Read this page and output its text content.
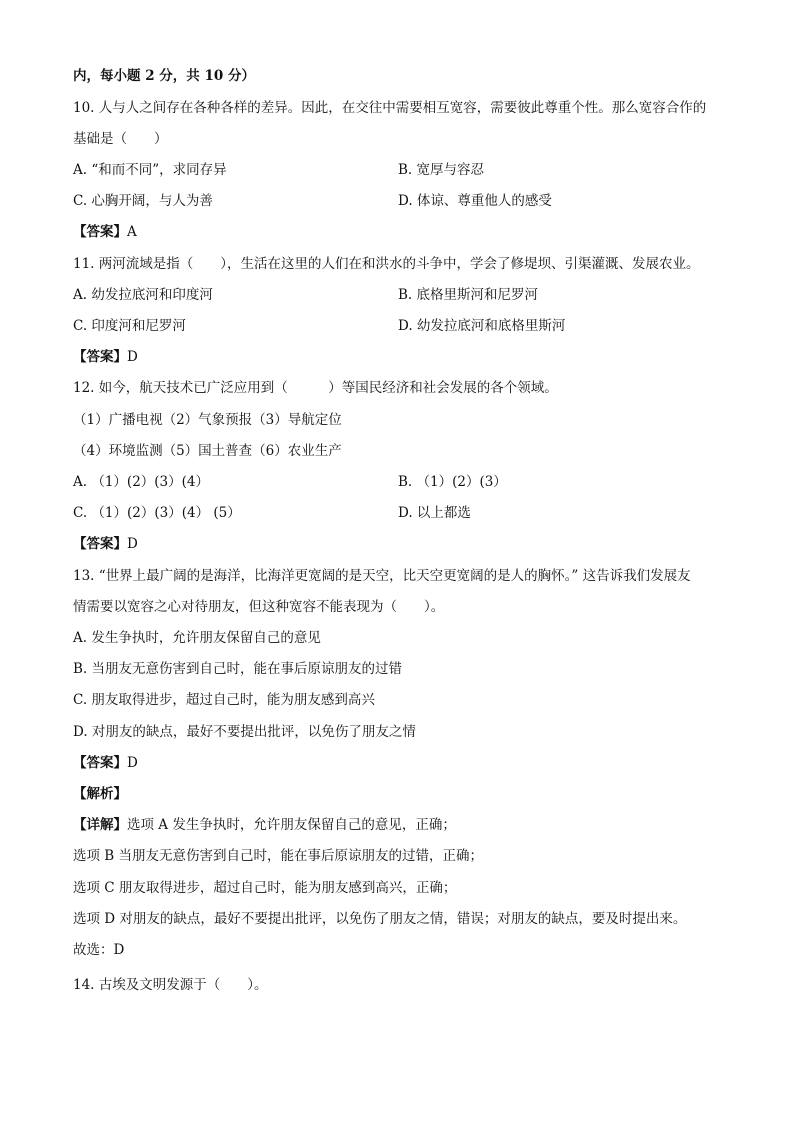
内，每小题 2 分，共 10 分）
10. 人与人之间存在各种各样的差异。因此，在交往中需要相互宽容，需要彼此尊重个性。那么宽容合作的
基础是（　　）
A. “和而不同”，求同存异	B. 宽厚与容忍
C. 心胸开阔，与人为善	D. 体谅、尊重他人的感受
【答案】A
11. 两河流域是指（　　），生活在这里的人们在和洪水的斗争中，学会了修堤坝、引渠灌溉、发展农业。
A. 幼发拉底河和印度河	B. 底格里斯河和尼罗河
C. 印度河和尼罗河	D. 幼发拉底河和底格里斯河
【答案】D
12. 如今，航天技术已广泛应用到（　　　）等国民经济和社会发展的各个领域。
（1）广播电视（2）气象预报（3）导航定位
（4）环境监测（5）国土普查（6）农业生产
A. （1）(2）(3）(4）	B. （1）(2）(3）
C. （1）(2）(3）(4） (5）	D. 以上都选
【答案】D
13. “世界上最广阔的是海洋，比海洋更宽阔的是天空，比天空更宽阔的是人的胸怀。” 这告诉我们发展友
情需要以宽容之心对待朋友，但这种宽容不能表现为（　　）。
A. 发生争执时，允许朋友保留自己的意见
B. 当朋友无意伤害到自己时，能在事后原谅朋友的过错
C. 朋友取得进步，超过自己时，能为朋友感到高兴
D. 对朋友的缺点，最好不要提出批评，以免伤了朋友之情
【答案】D
【解析】
【详解】选项 A 发生争执时，允许朋友保留自己的意见，正确；
选项 B 当朋友无意伤害到自己时，能在事后原谅朋友的过错，正确；
选项 C 朋友取得进步，超过自己时，能为朋友感到高兴，正确；
选项 D 对朋友的缺点，最好不要提出批评，以免伤了朋友之情，错误；对朋友的缺点，要及时提出来。
故选：D
14. 古埃及文明发源于（　　）。
